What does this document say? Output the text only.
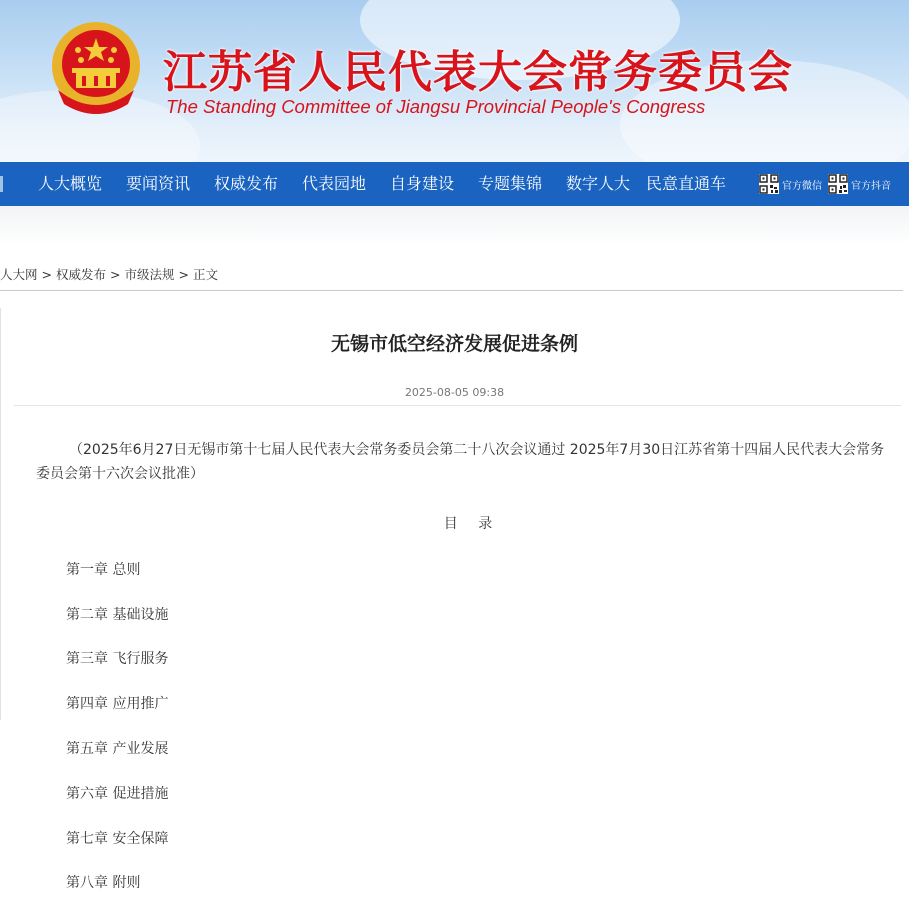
江苏省人民代表大会常务委员会

The Standing Committee of Jiangsu Provincial People's Congress

人大概览 要闻资讯 权威发布 代表园地 自身建设 专题集锦 数字人大 民意直通车	官方微信	官方抖音
人大网 > 权威发布 > 市级法规 > 正文
无锡市低空经济发展促进条例
2025-08-05 09:38

（2025年6月27日无锡市第十七届人民代表大会常务委员会第二十八次会议通过 2025年7月30日江苏省第十四届人民代表大会常务委员会第十六次会议批准）

目 录
第一章 总则
第二章 基础设施
第三章 飞行服务
第四章 应用推广
第五章 产业发展
第六章 促进措施
第七章 安全保障
第八章 附则
